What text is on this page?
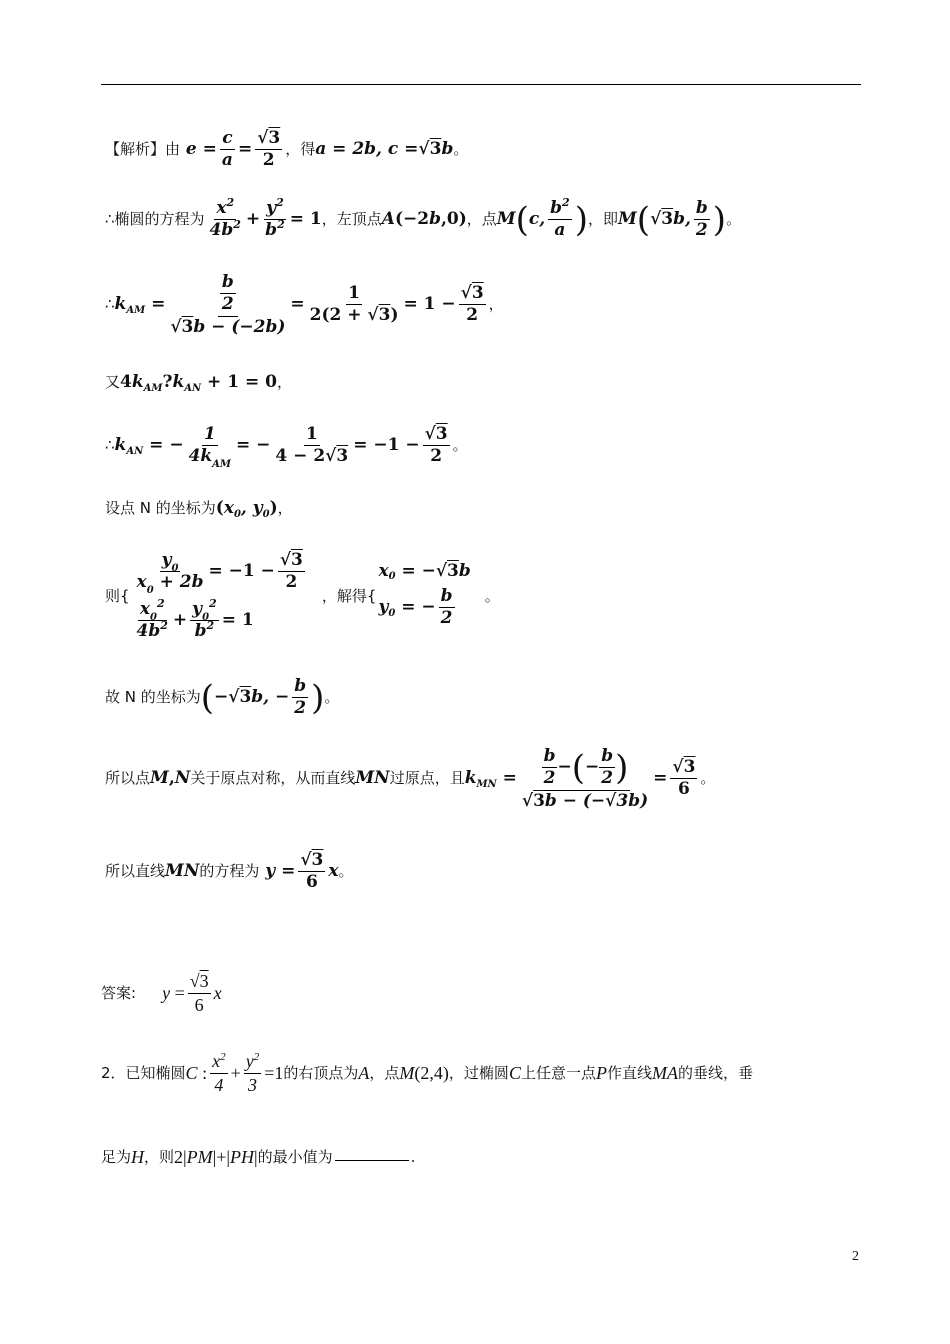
【解析】由 $e = \frac{c}{a} = \frac{√3}{2}$ ，得 a = 2b, c = √3 b 。
∴椭圆的方程为 $\frac{x^2}{4b^2} + \frac{y^2}{b^2} = 1$ ，左顶点 A (−2 b ,0) ，点 M ( c, $\frac{b^2}{a}$ ) ，即 M ( √3 b, $\frac{b}{2}$ ) 。
∴ k AM = $\frac{\frac{b}{2}}{√3b - (-2b)} = \frac{1}{2(2 + √3)} = 1 - \frac{√3}{2}$ ，
又 4 k AM ? k AN + 1 = 0 ，
∴ k AN = − $\frac{1}{4k_{AM}}$ = − $\frac{1}{4 - 2√3} = -1 - \frac{√3}{2}$ 。
设点 N 的坐标为 ( x 0 , y 0 ) ，
则{
$\frac{y_0}{x_0 + 2b} = -1 - \frac{√3}{2}$
$\frac{x_0^2}{4b^2} + \frac{y_0^2}{b^2} = 1$
，解得{
x 0 = −√3 b
y 0 = − $\frac{b}{2}$ 。
故 N 的坐标为 ( −√3 b, − $\frac{b}{2}$ ) 。
所以点 M , N 关于原点对称，从而直线 MN 过原点，且 k MN = $\frac{\frac{b}{2} - ( - \frac{b}{2} )}{√3b - (-√3b)} = \frac{√3}{6}$ 。
所以直线 MN 的方程为 $y = \frac{√3}{6}$ x 。
答案: $y = \frac{√3}{6}$ x
2．已知椭圆 C : $\frac{x^2}{4} + \frac{y^2}{3} =1$ 的右顶点为 A ，点 M (2,4) ，过椭圆 C 上任意一点 P 作直线 MA 的垂线，垂
足为 H ，则 2| PM |+| PH | 的最小值为	.
2
